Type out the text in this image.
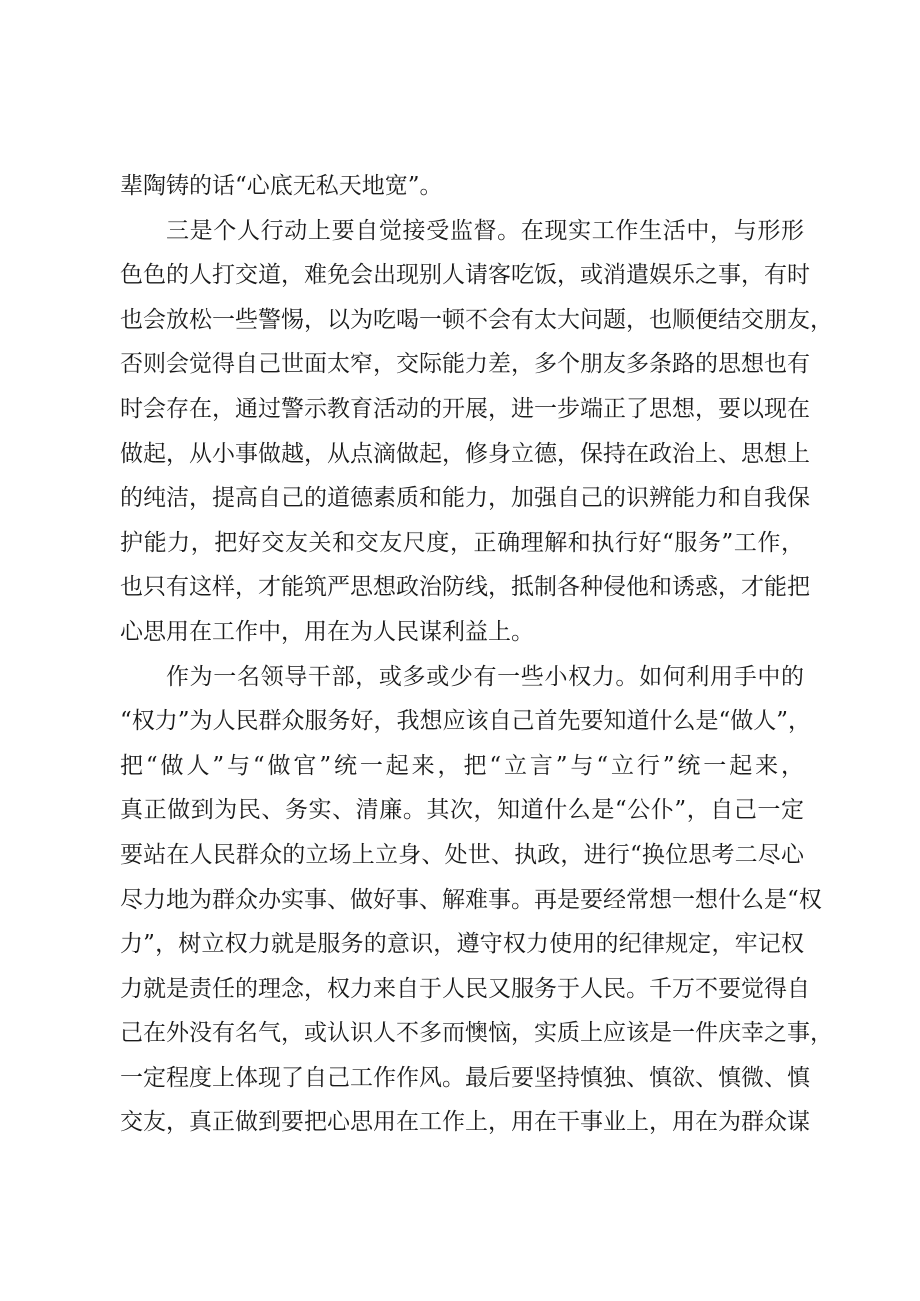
辈陶铸的话“心底无私天地宽”。
三是个人行动上要自觉接受监督。在现实工作生活中，与形形
色色的人打交道，难免会出现别人请客吃饭，或消遣娱乐之事，有时
也会放松一些警惕，以为吃喝一顿不会有太大问题，也顺便结交朋友，
否则会觉得自己世面太窄，交际能力差，多个朋友多条路的思想也有
时会存在，通过警示教育活动的开展，进一步端正了思想，要以现在
做起，从小事做越，从点滴做起，修身立德，保持在政治上、思想上
的纯洁，提高自己的道德素质和能力，加强自己的识辨能力和自我保
护能力，把好交友关和交友尺度，正确理解和执行好“服务”工作，
也只有这样，才能筑严思想政治防线，抵制各种侵他和诱惑，才能把
心思用在工作中，用在为人民谋利益上。
作为一名领导干部，或多或少有一些小权力。如何利用手中的
“权力”为人民群众服务好，我想应该自己首先要知道什么是“做人”，
把“做人”与“做官”统一起来，把“立言”与“立行”统一起来，
真正做到为民、务实、清廉。其次，知道什么是“公仆”，自己一定
要站在人民群众的立场上立身、处世、执政，进行“换位思考二尽心
尽力地为群众办实事、做好事、解难事。再是要经常想一想什么是“权
力”，树立权力就是服务的意识，遵守权力使用的纪律规定，牢记权
力就是责任的理念，权力来自于人民又服务于人民。千万不要觉得自
己在外没有名气，或认识人不多而懊恼，实质上应该是一件庆幸之事，
一定程度上体现了自己工作作风。最后要坚持慎独、慎欲、慎微、慎
交友，真正做到要把心思用在工作上，用在干事业上，用在为群众谋
